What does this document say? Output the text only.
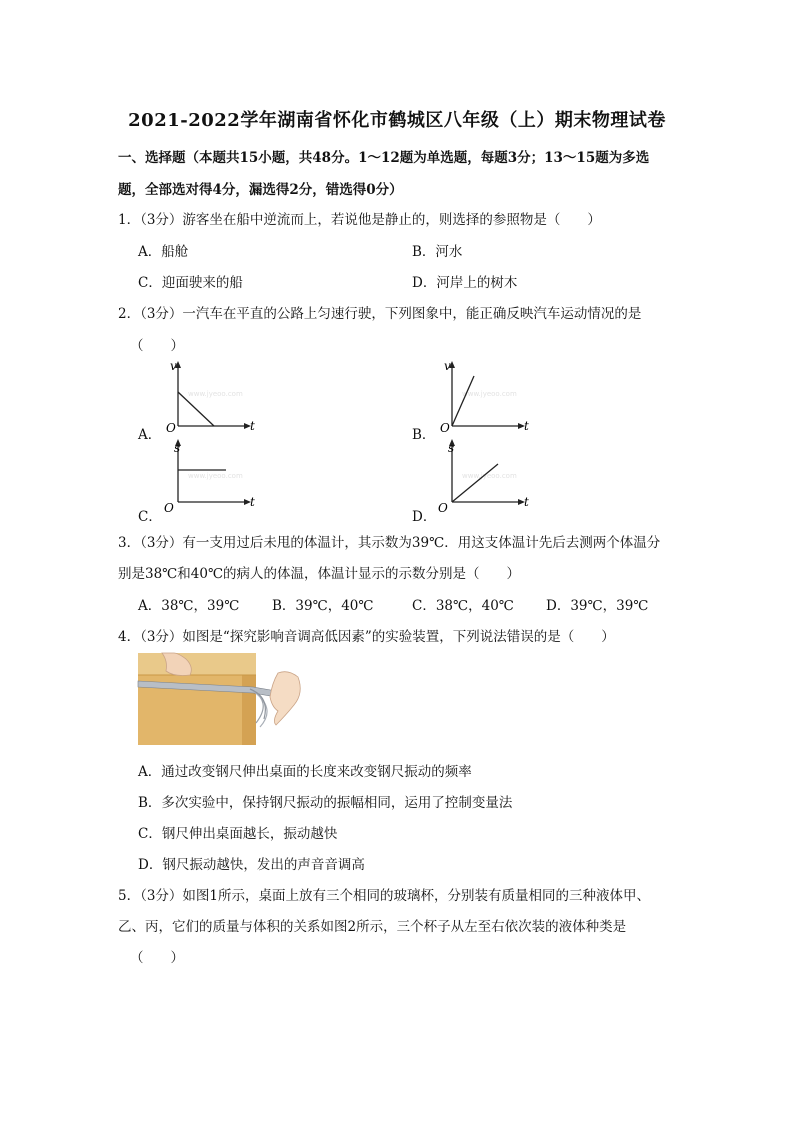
2021-2022学年湖南省怀化市鹤城区八年级（上）期末物理试卷
一、选择题（本题共15小题，共48分。1～12题为单选题，每题3分；13～15题为多选
题，全部选对得4分，漏选得2分，错选得0分）
1．（3分）游客坐在船中逆流而上，若说他是静止的，则选择的参照物是（　　）
A．船舱	B．河水
C．迎面驶来的船	D．河岸上的树木
2．（3分）一汽车在平直的公路上匀速行驶，下列图象中，能正确反映汽车运动情况的是
（　　）
A．	B．
C．	D．
www.jyeoo.com
v
t
O
www.jyeoo.com
v
t
O
www.jyeoo.com
s
t
O
www.jyeoo.com
s
t
O
3．（3分）有一支用过后未甩的体温计，其示数为39℃．用这支体温计先后去测两个体温分
别是38℃和40℃的病人的体温，体温计显示的示数分别是（　　）
A．38℃，39℃ B．39℃，40℃	C．38℃，40℃ D．39℃，39℃
4．（3分）如图是“探究影响音调高低因素”的实验装置，下列说法错误的是（　　）
A．通过改变钢尺伸出桌面的长度来改变钢尺振动的频率
B．多次实验中，保持钢尺振动的振幅相同，运用了控制变量法
C．钢尺伸出桌面越长，振动越快
D．钢尺振动越快，发出的声音音调高
5．（3分）如图1所示，桌面上放有三个相同的玻璃杯，分别装有质量相同的三种液体甲、
乙、丙，它们的质量与体积的关系如图2所示，三个杯子从左至右依次装的液体种类是
（　　）
